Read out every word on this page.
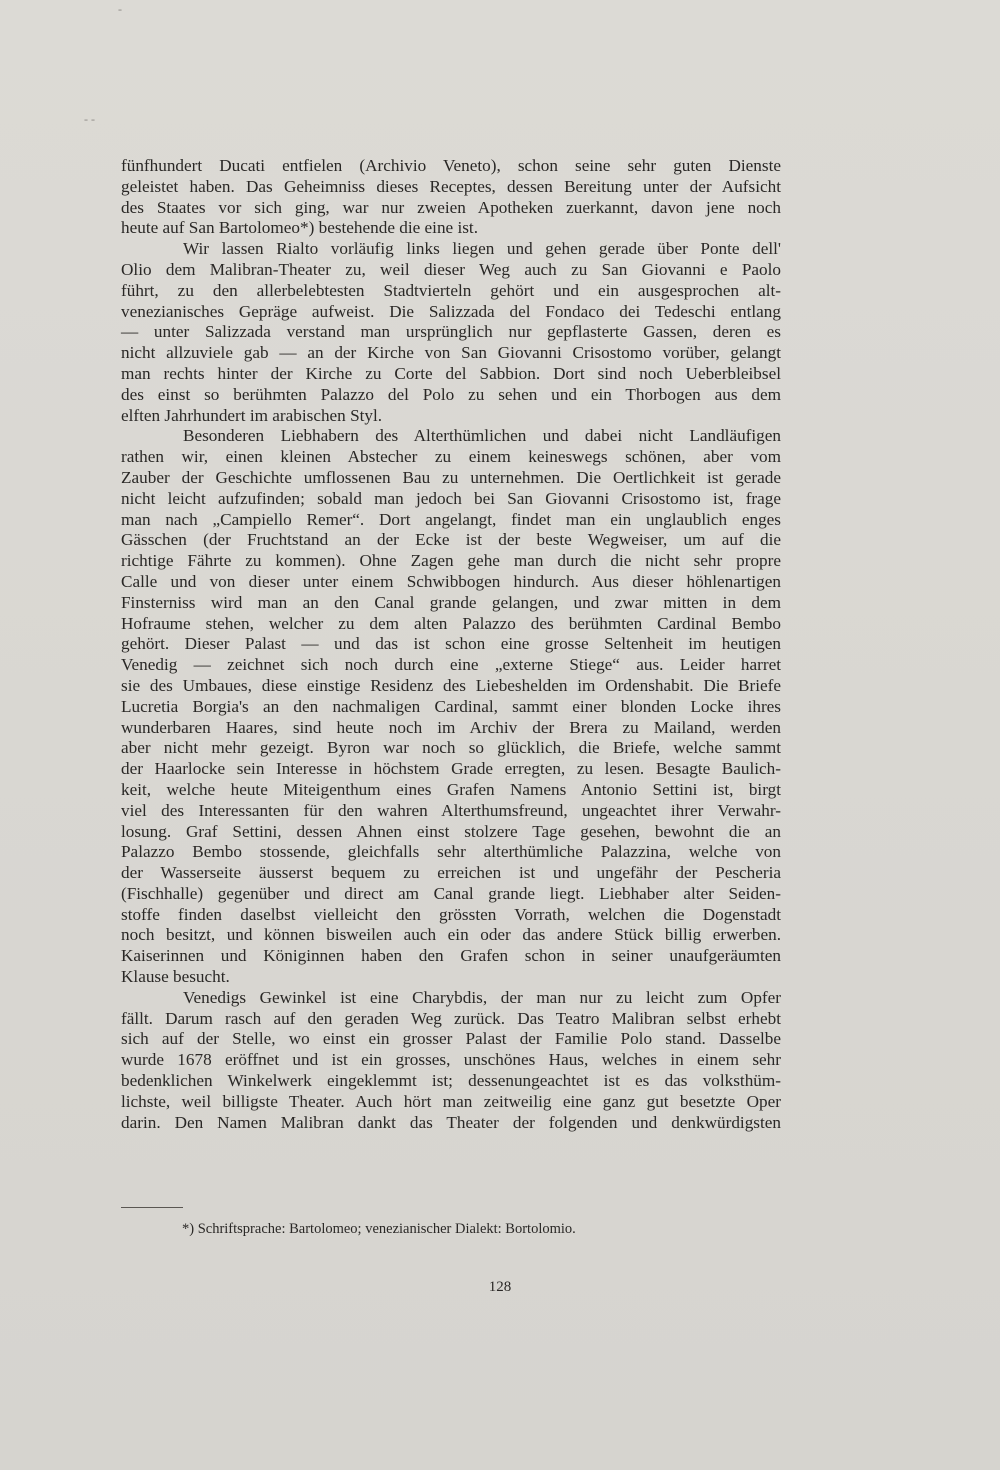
-
- -
fünfhundert Ducati entfielen (Archivio Veneto), schon seine sehr guten Dienste
geleistet haben. Das Geheimniss dieses Receptes, dessen Bereitung unter der Aufsicht
des Staates vor sich ging, war nur zweien Apotheken zuerkannt, davon jene noch
heute auf San Bartolomeo*) bestehende die eine ist.
Wir lassen Rialto vorläufig links liegen und gehen gerade über Ponte dell'
Olio dem Malibran-Theater zu, weil dieser Weg auch zu San Giovanni e Paolo
führt, zu den allerbelebtesten Stadtvierteln gehört und ein ausgesprochen alt-
venezianisches Gepräge aufweist. Die Salizzada del Fondaco dei Tedeschi entlang
— unter Salizzada verstand man ursprünglich nur gepflasterte Gassen, deren es
nicht allzuviele gab — an der Kirche von San Giovanni Crisostomo vorüber, gelangt
man rechts hinter der Kirche zu Corte del Sabbion. Dort sind noch Ueberbleibsel
des einst so berühmten Palazzo del Polo zu sehen und ein Thorbogen aus dem
elften Jahrhundert im arabischen Styl.
Besonderen Liebhabern des Alterthümlichen und dabei nicht Landläufigen
rathen wir, einen kleinen Abstecher zu einem keineswegs schönen, aber vom
Zauber der Geschichte umflossenen Bau zu unternehmen. Die Oertlichkeit ist gerade
nicht leicht aufzufinden; sobald man jedoch bei San Giovanni Crisostomo ist, frage
man nach „Campiello Remer“. Dort angelangt, findet man ein unglaublich enges
Gässchen (der Fruchtstand an der Ecke ist der beste Wegweiser, um auf die
richtige Fährte zu kommen). Ohne Zagen gehe man durch die nicht sehr propre
Calle und von dieser unter einem Schwibbogen hindurch. Aus dieser höhlenartigen
Finsterniss wird man an den Canal grande gelangen, und zwar mitten in dem
Hofraume stehen, welcher zu dem alten Palazzo des berühmten Cardinal Bembo
gehört. Dieser Palast — und das ist schon eine grosse Seltenheit im heutigen
Venedig — zeichnet sich noch durch eine „externe Stiege“ aus. Leider harret
sie des Umbaues, diese einstige Residenz des Liebeshelden im Ordenshabit. Die Briefe
Lucretia Borgia's an den nachmaligen Cardinal, sammt einer blonden Locke ihres
wunderbaren Haares, sind heute noch im Archiv der Brera zu Mailand, werden
aber nicht mehr gezeigt. Byron war noch so glücklich, die Briefe, welche sammt
der Haarlocke sein Interesse in höchstem Grade erregten, zu lesen. Besagte Baulich-
keit, welche heute Miteigenthum eines Grafen Namens Antonio Settini ist, birgt
viel des Interessanten für den wahren Alterthumsfreund, ungeachtet ihrer Verwahr-
losung. Graf Settini, dessen Ahnen einst stolzere Tage gesehen, bewohnt die an
Palazzo Bembo stossende, gleichfalls sehr alterthümliche Palazzina, welche von
der Wasserseite äusserst bequem zu erreichen ist und ungefähr der Pescheria
(Fischhalle) gegenüber und direct am Canal grande liegt. Liebhaber alter Seiden-
stoffe finden daselbst vielleicht den grössten Vorrath, welchen die Dogenstadt
noch besitzt, und können bisweilen auch ein oder das andere Stück billig erwerben.
Kaiserinnen und Königinnen haben den Grafen schon in seiner unaufgeräumten
Klause besucht.
Venedigs Gewinkel ist eine Charybdis, der man nur zu leicht zum Opfer
fällt. Darum rasch auf den geraden Weg zurück. Das Teatro Malibran selbst erhebt
sich auf der Stelle, wo einst ein grosser Palast der Familie Polo stand. Dasselbe
wurde 1678 eröffnet und ist ein grosses, unschönes Haus, welches in einem sehr
bedenklichen Winkelwerk eingeklemmt ist; dessenungeachtet ist es das volksthüm-
lichste, weil billigste Theater. Auch hört man zeitweilig eine ganz gut besetzte Oper
darin. Den Namen Malibran dankt das Theater der folgenden und denkwürdigsten
*) Schriftsprache: Bartolomeo; venezianischer Dialekt: Bortolomio.
128
